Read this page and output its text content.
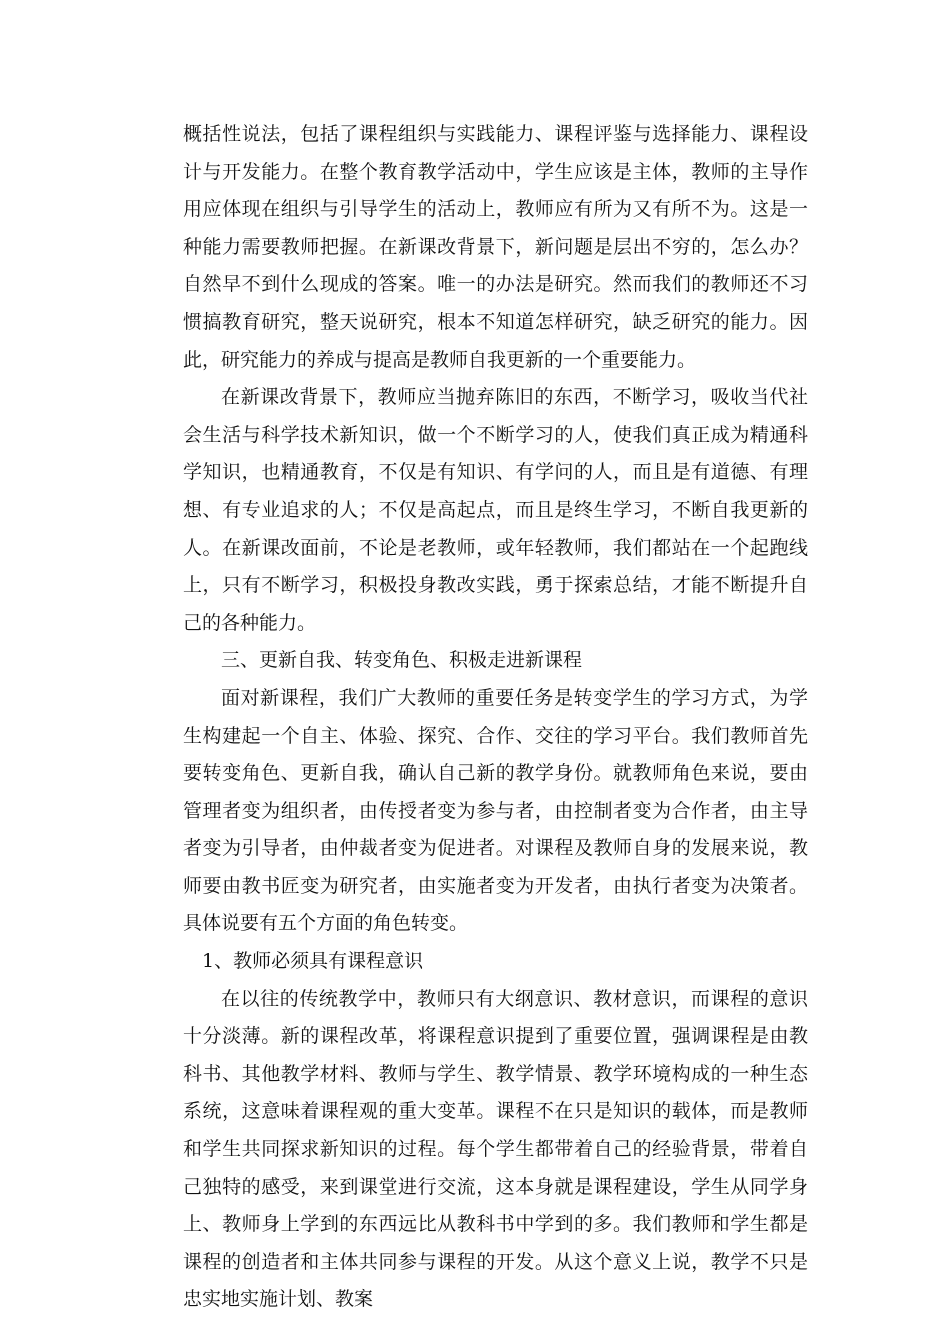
概括性说法，包括了课程组织与实践能力、课程评鉴与选择能力、课程设计与开发能力。在整个教育教学活动中，学生应该是主体，教师的主导作用应体现在组织与引导学生的活动上，教师应有所为又有所不为。这是一种能力需要教师把握。在新课改背景下，新问题是层出不穷的，怎么办？自然早不到什么现成的答案。唯一的办法是研究。然而我们的教师还不习惯搞教育研究，整天说研究，根本不知道怎样研究，缺乏研究的能力。因此，研究能力的养成与提高是教师自我更新的一个重要能力。

在新课改背景下，教师应当抛弃陈旧的东西，不断学习，吸收当代社会生活与科学技术新知识，做一个不断学习的人，使我们真正成为精通科学知识，也精通教育，不仅是有知识、有学问的人，而且是有道德、有理想、有专业追求的人；不仅是高起点，而且是终生学习，不断自我更新的人。在新课改面前，不论是老教师，或年轻教师，我们都站在一个起跑线上，只有不断学习，积极投身教改实践，勇于探索总结，才能不断提升自己的各种能力。

三、更新自我、转变角色、积极走进新课程

面对新课程，我们广大教师的重要任务是转变学生的学习方式，为学生构建起一个自主、体验、探究、合作、交往的学习平台。我们教师首先要转变角色、更新自我，确认自己新的教学身份。就教师角色来说，要由管理者变为组织者，由传授者变为参与者，由控制者变为合作者，由主导者变为引导者，由仲裁者变为促进者。对课程及教师自身的发展来说，教师要由教书匠变为研究者，由实施者变为开发者，由执行者变为决策者。具体说要有五个方面的角色转变。

1、教师必须具有课程意识

在以往的传统教学中，教师只有大纲意识、教材意识，而课程的意识十分淡薄。新的课程改革，将课程意识提到了重要位置，强调课程是由教科书、其他教学材料、教师与学生、教学情景、教学环境构成的一种生态系统，这意味着课程观的重大变革。课程不在只是知识的载体，而是教师和学生共同探求新知识的过程。每个学生都带着自己的经验背景，带着自己独特的感受，来到课堂进行交流，这本身就是课程建设，学生从同学身上、教师身上学到的东西远比从教科书中学到的多。我们教师和学生都是课程的创造者和主体共同参与课程的开发。从这个意义上说，教学不只是忠实地实施计划、教案
